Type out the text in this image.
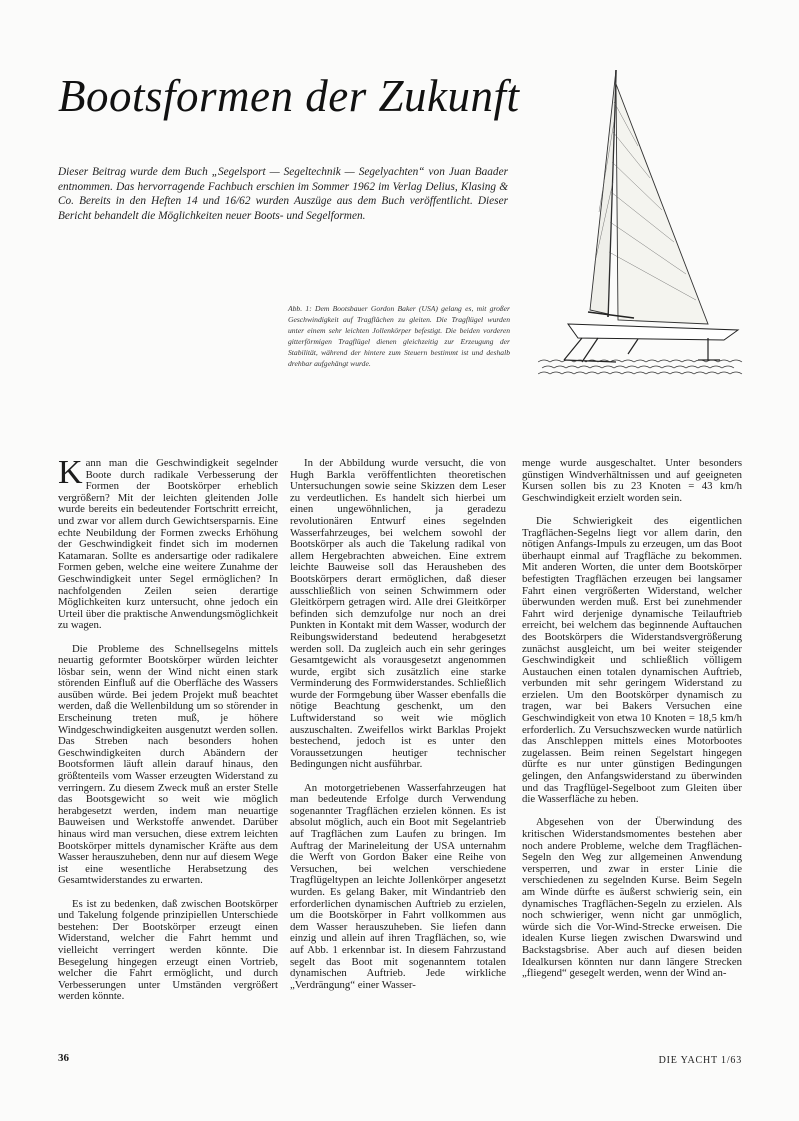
Bootsformen der Zukunft
Dieser Beitrag wurde dem Buch „Segelsport — Segeltechnik — Segelyachten“ von Juan Baader entnommen. Das hervorragende Fachbuch erschien im Sommer 1962 im Verlag Delius, Klasing & Co. Bereits in den Heften 14 und 16/62 wurden Auszüge aus dem Buch veröffentlicht. Dieser Bericht behandelt die Möglichkeiten neuer Boots- und Segelformen.
Abb. 1: Dem Bootsbauer Gordon Baker (USA) gelang es, mit großer Geschwindigkeit auf Tragflächen zu gleiten. Die Tragflügel wurden unter einem sehr leichten Jollenkörper befestigt. Die beiden vorderen gitterförmigen Tragflügel dienen gleichzeitig zur Erzeugung der Stabilität, während der hintere zum Steuern bestimmt ist und deshalb drehbar aufgehängt wurde.

Kann man die Geschwindigkeit segelnder Boote durch radikale Verbesserung der Formen der Bootskörper erheblich vergrößern? Mit der leichten gleitenden Jolle wurde bereits ein bedeutender Fortschritt erreicht, und zwar vor allem durch Gewichtsersparnis. Eine echte Neubildung der Formen zwecks Erhöhung der Geschwindigkeit findet sich im modernen Katamaran. Sollte es andersartige oder radikalere Formen geben, welche eine weitere Zunahme der Geschwindigkeit unter Segel ermöglichen? In nachfolgenden Zeilen seien derartige Möglichkeiten kurz untersucht, ohne jedoch ein Urteil über die praktische Anwendungsmöglichkeit zu wagen.

Die Probleme des Schnellsegelns mittels neuartig geformter Bootskörper würden leichter lösbar sein, wenn der Wind nicht einen stark störenden Einfluß auf die Oberfläche des Wassers ausüben würde. Bei jedem Projekt muß beachtet werden, daß die Wellenbildung um so störender in Erscheinung treten muß, je höhere Windgeschwindigkeiten ausgenutzt werden sollen. Das Streben nach besonders hohen Geschwindigkeiten durch Abändern der Bootsformen läuft allein darauf hinaus, den größtenteils vom Wasser erzeugten Widerstand zu verringern. Zu diesem Zweck muß an erster Stelle das Bootsgewicht so weit wie möglich herabgesetzt werden, indem man neuartige Bauweisen und Werkstoffe anwendet. Darüber hinaus wird man versuchen, diese extrem leichten Bootskörper mittels dynamischer Kräfte aus dem Wasser herauszuheben, denn nur auf diesem Wege ist eine wesentliche Herabsetzung des Gesamtwiderstandes zu erwarten.

Es ist zu bedenken, daß zwischen Bootskörper und Takelung folgende prinzipiellen Unterschiede bestehen: Der Bootskörper erzeugt einen Widerstand, welcher die Fahrt hemmt und vielleicht verringert werden könnte. Die Besegelung hingegen erzeugt einen Vortrieb, welcher die Fahrt ermöglicht, und durch Verbesserungen unter Umständen vergrößert werden könnte.

In der Abbildung wurde versucht, die von Hugh Barkla veröffentlichten theoretischen Untersuchungen sowie seine Skizzen dem Leser zu verdeutlichen. Es handelt sich hierbei um einen ungewöhnlichen, ja geradezu revolutionären Entwurf eines segelnden Wasserfahrzeuges, bei welchem sowohl der Bootskörper als auch die Takelung radikal von allem Hergebrachten abweichen. Eine extrem leichte Bauweise soll das Herausheben des Bootskörpers derart ermöglichen, daß dieser ausschließlich von seinen Schwimmern oder Gleitkörpern getragen wird. Alle drei Gleitkörper befinden sich demzufolge nur noch an drei Punkten in Kontakt mit dem Wasser, wodurch der Reibungswiderstand bedeutend herabgesetzt werden soll. Da zugleich auch ein sehr geringes Gesamtgewicht als vorausgesetzt angenommen wurde, ergibt sich zusätzlich eine starke Verminderung des Formwiderstandes. Schließlich wurde der Formgebung über Wasser ebenfalls die nötige Beachtung geschenkt, um den Luftwiderstand so weit wie möglich auszuschalten. Zweifellos wirkt Barklas Projekt bestechend, jedoch ist es unter den Voraussetzungen heutiger technischer Bedingungen nicht ausführbar.

An motorgetriebenen Wasserfahrzeugen hat man bedeutende Erfolge durch Verwendung sogenannter Tragflächen erzielen können. Es ist absolut möglich, auch ein Boot mit Segelantrieb auf Tragflächen zum Laufen zu bringen. Im Auftrag der Marineleitung der USA unternahm die Werft von Gordon Baker eine Reihe von Versuchen, bei welchen verschiedene Tragflügeltypen an leichte Jollenkörper angesetzt wurden. Es gelang Baker, mit Windantrieb den erforderlichen dynamischen Auftrieb zu erzielen, um die Bootskörper in Fahrt vollkommen aus dem Wasser herauszuheben. Sie liefen dann einzig und allein auf ihren Tragflächen, so, wie auf Abb. 1 erkennbar ist. In diesem Fahrzustand segelt das Boot mit sogenanntem totalen dynamischen Auftrieb. Jede wirkliche „Verdrängung“ einer Wasser-

menge wurde ausgeschaltet. Unter besonders günstigen Windverhältnissen und auf geeigneten Kursen sollen bis zu 23 Knoten = 43 km/h Geschwindigkeit erzielt worden sein.

Die Schwierigkeit des eigentlichen Tragflächen-Segelns liegt vor allem darin, den nötigen Anfangs-Impuls zu erzeugen, um das Boot überhaupt einmal auf Tragfläche zu bekommen. Mit anderen Worten, die unter dem Bootskörper befestigten Tragflächen erzeugen bei langsamer Fahrt einen vergrößerten Widerstand, welcher überwunden werden muß. Erst bei zunehmender Fahrt wird derjenige dynamische Teilauftrieb erreicht, bei welchem das beginnende Auftauchen des Bootskörpers die Widerstandsvergrößerung zunächst ausgleicht, um bei weiter steigender Geschwindigkeit und schließlich völligem Austauchen einen totalen dynamischen Auftrieb, verbunden mit sehr geringem Widerstand zu erzielen. Um den Bootskörper dynamisch zu tragen, war bei Bakers Versuchen eine Geschwindigkeit von etwa 10 Knoten = 18,5 km/h erforderlich. Zu Versuchszwecken wurde natürlich das Anschleppen mittels eines Motorbootes zugelassen. Beim reinen Segelstart hingegen dürfte es nur unter günstigen Bedingungen gelingen, den Anfangswiderstand zu überwinden und das Tragflügel-Segelboot zum Gleiten über die Wasserfläche zu heben.

Abgesehen von der Überwindung des kritischen Widerstandsmomentes bestehen aber noch andere Probleme, welche dem Tragflächen-Segeln den Weg zur allgemeinen Anwendung versperren, und zwar in erster Linie die verschiedenen zu segelnden Kurse. Beim Segeln am Winde dürfte es äußerst schwierig sein, ein dynamisches Tragflächen-Segeln zu erzielen. Als noch schwieriger, wenn nicht gar unmöglich, würde sich die Vor-Wind-Strecke erweisen. Die idealen Kurse liegen zwischen Dwarswind und Backstagsbrise. Aber auch auf diesen beiden Idealkursen könnten nur dann längere Strecken „fliegend“ gesegelt werden, wenn der Wind an-

36	DIE YACHT 1/63
